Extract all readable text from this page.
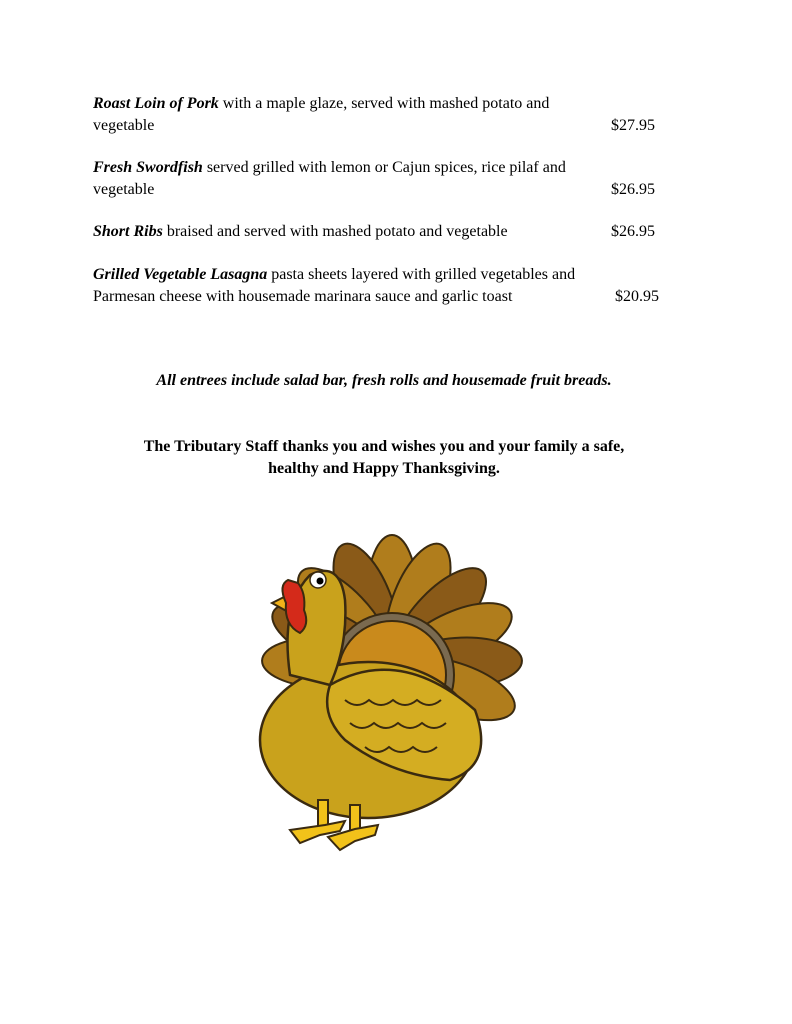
Roast Loin of Pork with a maple glaze, served with mashed potato and
vegetable	$27.95
Fresh Swordfish served grilled with lemon or Cajun spices, rice pilaf and
vegetable	$26.95
Short Ribs braised and served with mashed potato and vegetable	$26.95
Grilled Vegetable Lasagna pasta sheets layered with grilled vegetables and
Parmesan cheese with housemade marinara sauce and garlic toast	$20.95
All entrees include salad bar, fresh rolls and housemade fruit breads.
The Tributary Staff thanks you and wishes you and your family a safe,
healthy and Happy Thanksgiving.
